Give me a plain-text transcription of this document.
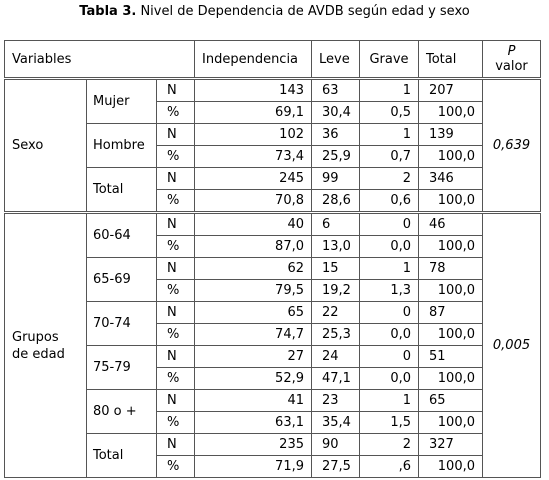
Tabla 3. Nivel de Dependencia de AVDB según edad y sexo
Variables			Independencia	Leve	Grave	Total	P
valor
Sexo	Mujer	N	143	63	1	207	0,639
		%	69,1	30,4	0,5	100,0	
	Hombre	N	102	36	1	139	
		%	73,4	25,9	0,7	100,0	
	Total	N	245	99	2	346	
		%	70,8	28,6	0,6	100,0	
Grupos
de edad	60-64	N	40	6	0	46	0,005
		%	87,0	13,0	0,0	100,0	
	65-69	N	62	15	1	78	
		%	79,5	19,2	1,3	100,0	
	70-74	N	65	22	0	87	
		%	74,7	25,3	0,0	100,0	
	75-79	N	27	24	0	51	
		%	52,9	47,1	0,0	100,0	
	80 o +	N	41	23	1	65	
		%	63,1	35,4	1,5	100,0	
	Total	N	235	90	2	327	
		%	71,9	27,5	,6	100,0	
